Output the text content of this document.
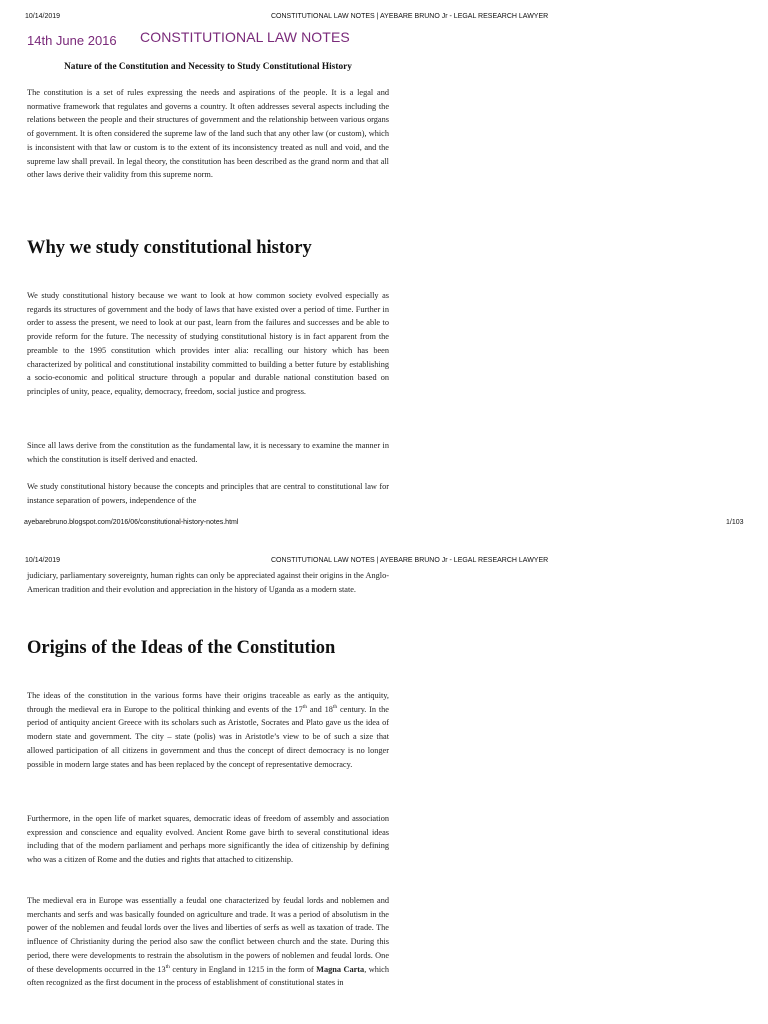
10/14/2019	CONSTITUTIONAL LAW NOTES | AYEBARE BRUNO Jr - LEGAL RESEARCH LAWYER
14th June 2016 CONSTITUTIONAL LAW NOTES
Nature of the Constitution and Necessity to Study Constitutional History

The constitution is a set of rules expressing the needs and aspirations of the people. It is a legal and normative framework that regulates and governs a country. It often addresses several aspects including the relations between the people and their structures of government and the relationship between various organs of government. It is often considered the supreme law of the land such that any other law (or custom), which is inconsistent with that law or custom is to the extent of its inconsistency treated as null and void, and the supreme law shall prevail. In legal theory, the constitution has been described as the grand norm and that all other laws derive their validity from this supreme norm.

Why we study constitutional history

We study constitutional history because we want to look at how common society evolved especially as regards its structures of government and the body of laws that have existed over a period of time. Further in order to assess the present, we need to look at our past, learn from the failures and successes and be able to provide reform for the future. The necessity of studying constitutional history is in fact apparent from the preamble to the 1995 constitution which provides inter alia: recalling our history which has been characterized by political and constitutional instability committed to building a better future by establishing a socio-economic and political structure through a popular and durable national constitution based on principles of unity, peace, equality, democracy, freedom, social justice and progress.

Since all laws derive from the constitution as the fundamental law, it is necessary to examine the manner in which the constitution is itself derived and enacted.

We study constitutional history because the concepts and principles that are central to constitutional law for instance separation of powers, independence of the

ayebarebruno.blogspot.com/2016/06/constitutional-history-notes.html	1/103
10/14/2019	CONSTITUTIONAL LAW NOTES | AYEBARE BRUNO Jr - LEGAL RESEARCH LAWYER

judiciary, parliamentary sovereignty, human rights can only be appreciated against their origins in the Anglo-American tradition and their evolution and appreciation in the history of Uganda as a modern state.

Origins of the Ideas of the Constitution

The ideas of the constitution in the various forms have their origins traceable as early as the antiquity, through the medieval era in Europe to the political thinking and events of the 17th and 18th century. In the period of antiquity ancient Greece with its scholars such as Aristotle, Socrates and Plato gave us the idea of modern state and government. The city – state (polis) was in Aristotle’s view to be of such a size that allowed participation of all citizens in government and thus the concept of direct democracy is no longer possible in modern large states and has been replaced by the concept of representative democracy.

Furthermore, in the open life of market squares, democratic ideas of freedom of assembly and association expression and conscience and equality evolved. Ancient Rome gave birth to several constitutional ideas including that of the modern parliament and perhaps more significantly the idea of citizenship by defining who was a citizen of Rome and the duties and rights that attached to citizenship.

The medieval era in Europe was essentially a feudal one characterized by feudal lords and noblemen and merchants and serfs and was basically founded on agriculture and trade. It was a period of absolutism in the power of the noblemen and feudal lords over the lives and liberties of serfs as well as taxation of trade. The influence of Christianity during the period also saw the conflict between church and the state. During this period, there were developments to restrain the absolutism in the powers of noblemen and feudal lords. One of these developments occurred in the 13th century in England in 1215 in the form of Magna Carta, which often recognized as the first document in the process of establishment of constitutional states in
